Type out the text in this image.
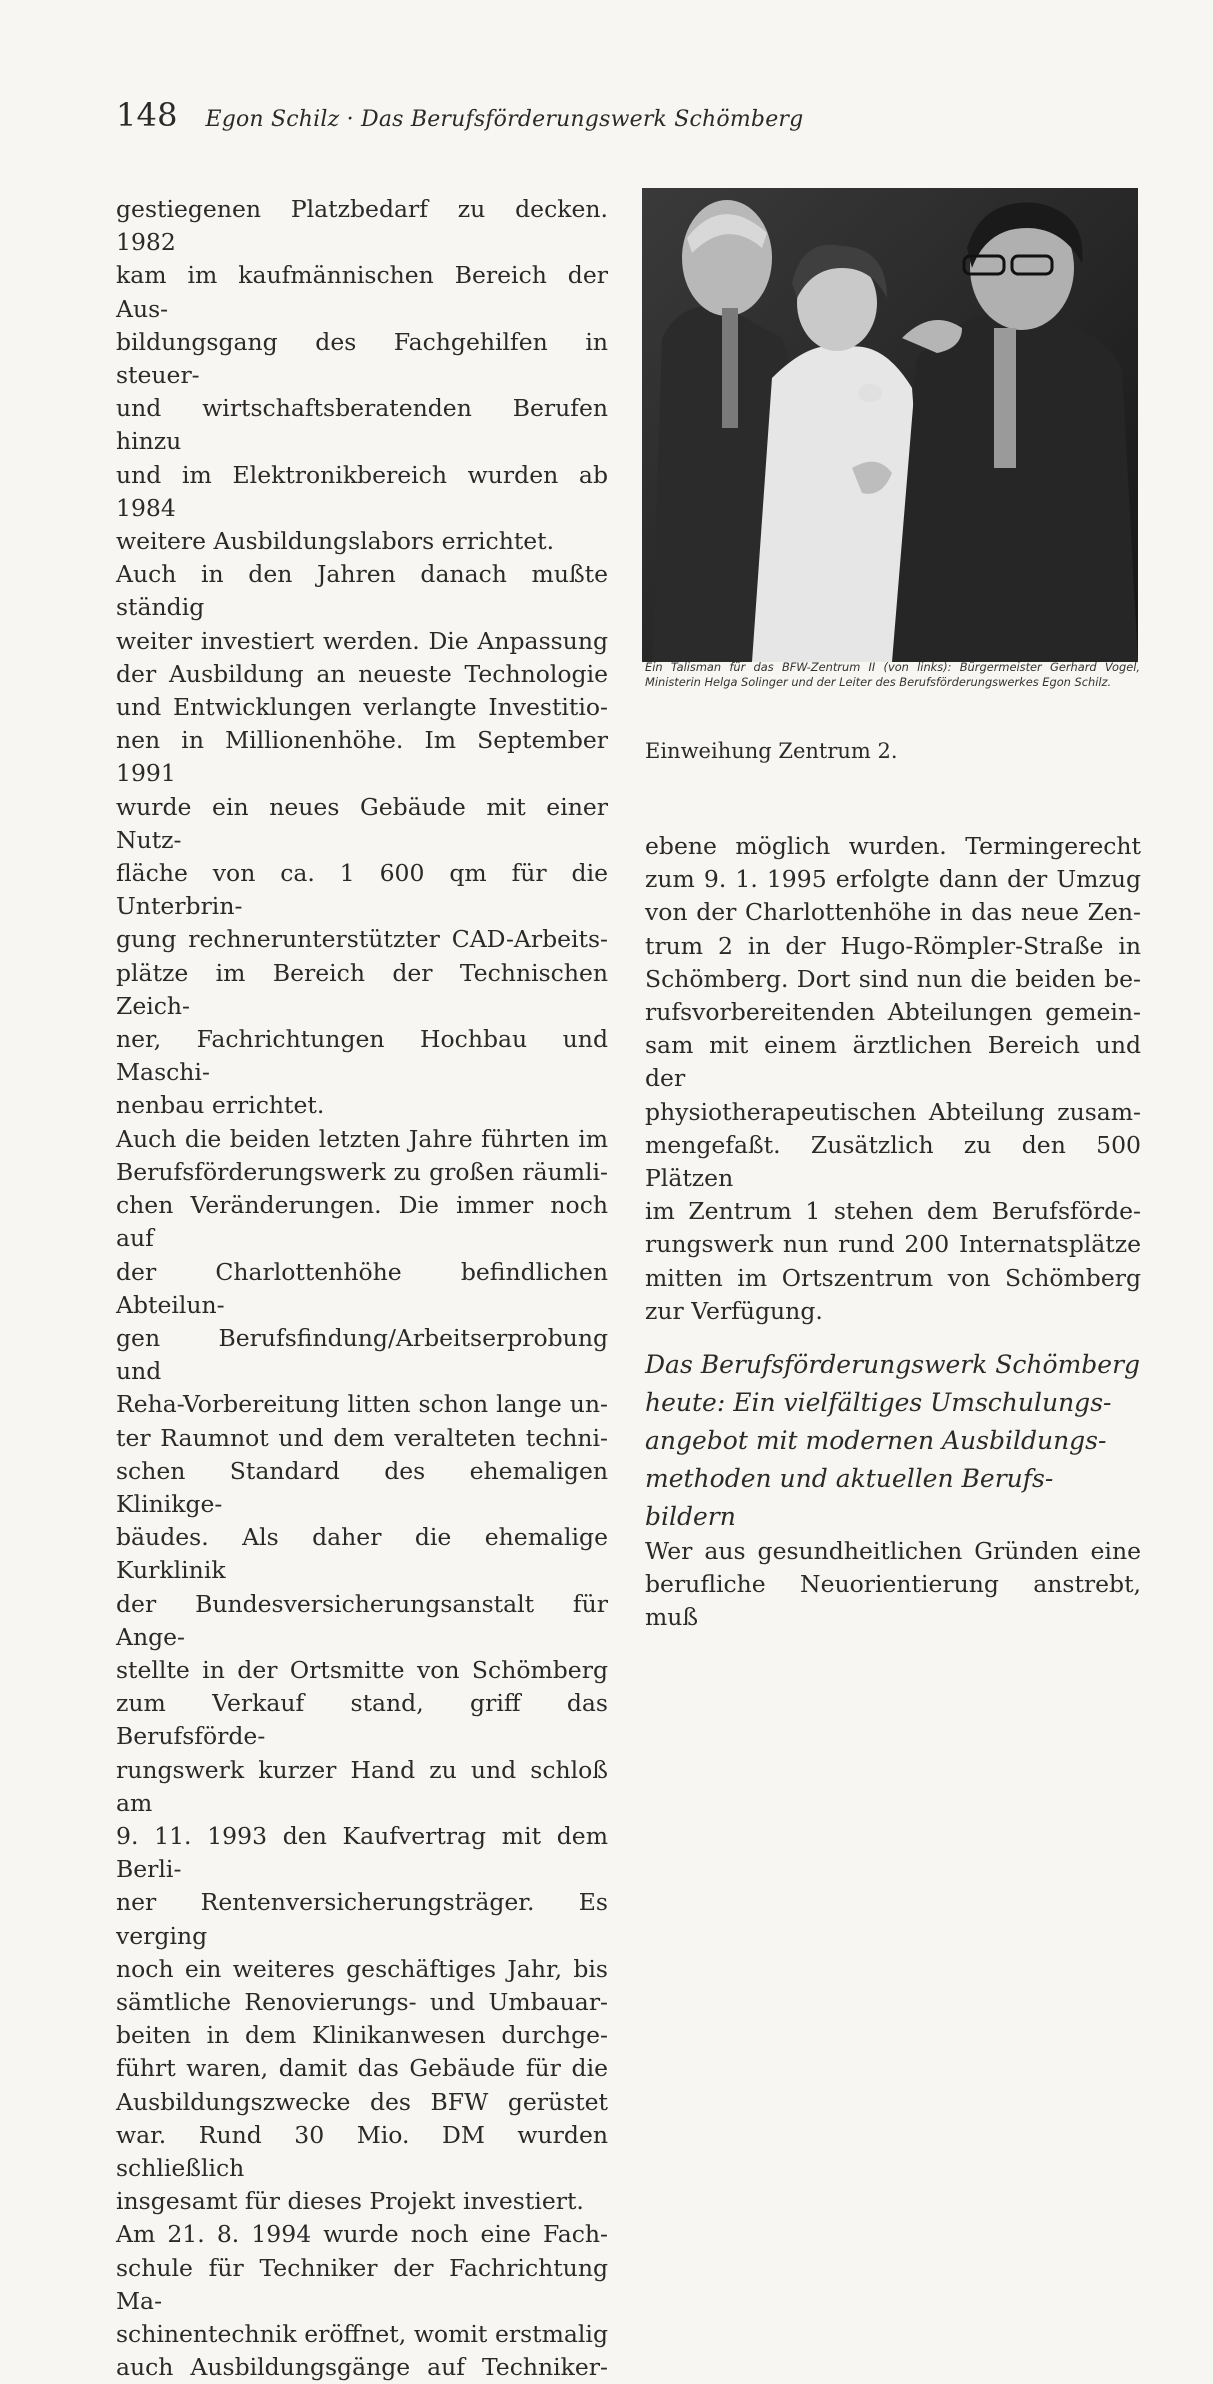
148 Egon Schilz · Das Berufsförderungswerk Schömberg
gestiegenen Platzbedarf zu decken. 1982
kam im kaufmännischen Bereich der Aus-
bildungsgang des Fachgehilfen in steuer-
und wirtschaftsberatenden Berufen hinzu
und im Elektronikbereich wurden ab 1984
weitere Ausbildungslabors errichtet.
Auch in den Jahren danach mußte ständig
weiter investiert werden. Die Anpassung
der Ausbildung an neueste Technologie
und Entwicklungen verlangte Investitio-
nen in Millionenhöhe. Im September 1991
wurde ein neues Gebäude mit einer Nutz-
fläche von ca. 1 600 qm für die Unterbrin-
gung rechnerunterstützter CAD-Arbeits-
plätze im Bereich der Technischen Zeich-
ner, Fachrichtungen Hochbau und Maschi-
nenbau errichtet.
Auch die beiden letzten Jahre führten im
Berufsförderungswerk zu großen räumli-
chen Veränderungen. Die immer noch auf
der Charlottenhöhe befindlichen Abteilun-
gen Berufsfindung/Arbeitserprobung und
Reha-Vorbereitung litten schon lange un-
ter Raumnot und dem veralteten techni-
schen Standard des ehemaligen Klinikge-
bäudes. Als daher die ehemalige Kurklinik
der Bundesversicherungsanstalt für Ange-
stellte in der Ortsmitte von Schömberg
zum Verkauf stand, griff das Berufsförde-
rungswerk kurzer Hand zu und schloß am
9. 11. 1993 den Kaufvertrag mit dem Berli-
ner Rentenversicherungsträger. Es verging
noch ein weiteres geschäftiges Jahr, bis
sämtliche Renovierungs- und Umbauar-
beiten in dem Klinikanwesen durchge-
führt waren, damit das Gebäude für die
Ausbildungszwecke des BFW gerüstet
war. Rund 30 Mio. DM wurden schließlich
insgesamt für dieses Projekt investiert.
Am 21. 8. 1994 wurde noch eine Fach-
schule für Techniker der Fachrichtung Ma-
schinentechnik eröffnet, womit erstmalig
auch Ausbildungsgänge auf Techniker-
Ein Talisman für das BFW-Zentrum II (von links): Bürgermeister Gerhard Vogel, Ministerin Helga Solinger und der Leiter des Berufsförderungswerkes Egon Schilz.
Einweihung Zentrum 2.
ebene möglich wurden. Termingerecht
zum 9. 1. 1995 erfolgte dann der Umzug
von der Charlottenhöhe in das neue Zen-
trum 2 in der Hugo-Römpler-Straße in
Schömberg. Dort sind nun die beiden be-
rufsvorbereitenden Abteilungen gemein-
sam mit einem ärztlichen Bereich und der
physiotherapeutischen Abteilung zusam-
mengefaßt. Zusätzlich zu den 500 Plätzen
im Zentrum 1 stehen dem Berufsförde-
rungswerk nun rund 200 Internatsplätze
mitten im Ortszentrum von Schömberg
zur Verfügung.
Das Berufsförderungswerk Schömberg
heute: Ein vielfältiges Umschulungs-
angebot mit modernen Ausbildungs-
methoden und aktuellen Berufs-
bildern
Wer aus gesundheitlichen Gründen eine
berufliche Neuorientierung anstrebt, muß
